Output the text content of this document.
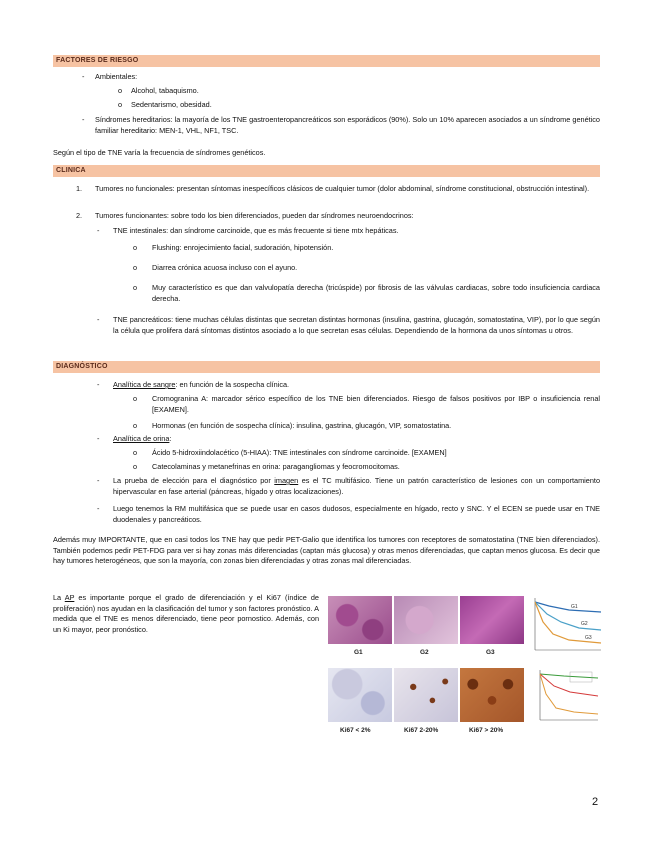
FACTORES DE RIESGO
- Ambientales:
o Alcohol, tabaquismo.
o Sedentarismo, obesidad.
- Síndromes hereditarios: la mayoría de los TNE gastroenteropancreáticos son esporádicos (90%). Solo un 10% aparecen asociados a un síndrome genético familiar hereditario: MEN-1, VHL, NF1, TSC.
Según el tipo de TNE varía la frecuencia de síndromes genéticos.
CLINICA
1. Tumores no funcionales: presentan síntomas inespecíficos clásicos de cualquier tumor (dolor abdominal, síndrome constitucional, obstrucción intestinal).
2. Tumores funcionantes: sobre todo los bien diferenciados, pueden dar síndromes neuroendocrinos:
- TNE intestinales: dan síndrome carcinoide, que es más frecuente si tiene mtx hepáticas.
o Flushing: enrojecimiento facial, sudoración, hipotensión.
o Diarrea crónica acuosa incluso con el ayuno.
o Muy característico es que dan valvulopatía derecha (tricúspide) por fibrosis de las válvulas cardiacas, sobre todo insuficiencia cardiaca derecha.
- TNE pancreáticos: tiene muchas células distintas que secretan distintas hormonas (insulina, gastrina, glucagón, somatostatina, VIP), por lo que según la célula que prolifera dará síntomas distintos asociado a lo que secretan esas células. Dependiendo de la hormona da unos síntomas u otros.
DIAGNÓSTICO
- Analítica de sangre: en función de la sospecha clínica.
o Cromogranina A: marcador sérico específico de los TNE bien diferenciados. Riesgo de falsos positivos por IBP o insuficiencia renal [EXAMEN].
o Hormonas (en función de sospecha clínica): insulina, gastrina, glucagón, VIP, somatostatina.
- Analítica de orina:
o Ácido 5-hidroxiindolacético (5-HIAA): TNE intestinales con síndrome carcinoide. [EXAMEN]
o Catecolaminas y metanefrinas en orina: paragangliomas y feocromocitomas.
- La prueba de elección para el diagnóstico por imagen es el TC multifásico. Tiene un patrón característico de lesiones con un comportamiento hipervascular en fase arterial (páncreas, hígado y otras localizaciones).
- Luego tenemos la RM multifásica que se puede usar en casos dudosos, especialmente en hígado, recto y SNC. Y el ECEN se puede usar en TNE duodenales y pancreáticos.
Además muy IMPORTANTE, que en casi todos los TNE hay que pedir PET-Galio que identifica los tumores con receptores de somatostatina (TNE bien diferenciados). También podemos pedir PET-FDG para ver si hay zonas más diferenciadas (captan más glucosa) y otras menos diferenciadas, que captan menos glucosa. Es decir que hay tumores heterogéneos, que son la mayoría, con zonas bien diferenciadas y otras zonas mal diferenciadas.
La AP es importante porque el grado de diferenciación y el Ki67 (índice de proliferación) nos ayudan en la clasificación del tumor y son factores pronóstico. A medida que el TNE es menos diferenciado, tiene peor pornostico. Además, con un Ki mayor, peor pronóstico.
G1	G2	G3
G1
G2
G3
Ki67 < 2%	Ki67 2-20%	Ki67 > 20%
2
